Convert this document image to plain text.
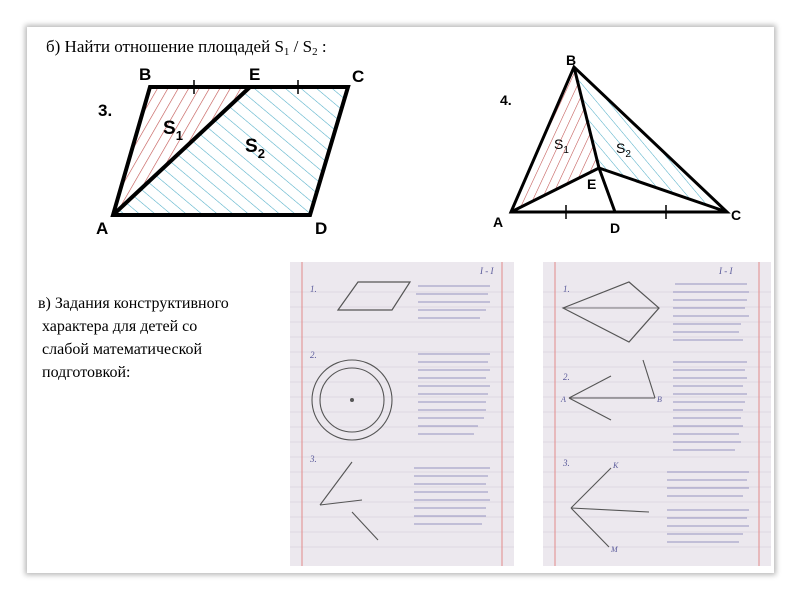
б) Найти отношение площадей $S_1 / S_2$ :
3.
B	E	C
A	D
$S_1$
$S_2$
4.
B
A	C
D
E
$S_1$	$S_2$
в) Задания конструктивного
характера для детей со
слабой математической
подготовкой:
I - I
1.
2.
3.
I - I
1.
2.
A	B
3.	K
M
